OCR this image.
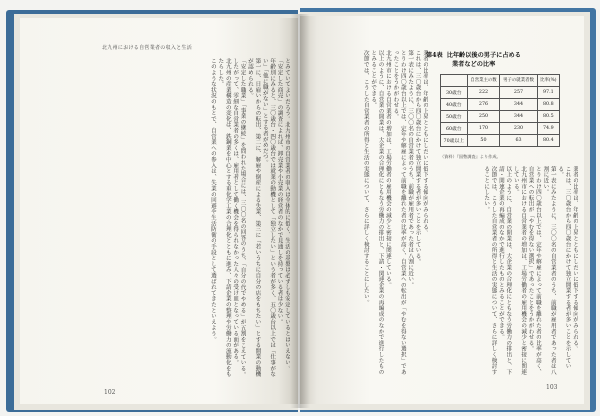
北九州における自営業者の収入と生活
とみていてよいだろう。北九州市の自営業者の収入は全体的に低く、生活の基盤は必ずしも安定しているとはいえない。
「安定した商売」の調査によれば、卸売業や小売業の経営者のなかで見通しを持っている者は少ない。
年齢別にみると、三〇歳台・四〇歳台では就業の動機として「独立したい」という者が多く、五〇歳台以上では「仕事がない」「他に職がない」とする者がめだつ。
第一に、日雇いからの転出、第二に、解雇や倒産による失業、第三に「若いうちに自分の店をもちたい」とする開業の動機が認められる。
「安定した職業」「事業の継続」を問われた場合には、三〇〇名の回答のうち、「自分の代でやめる」が五割をこえている。
したがって、零細な自営業者の多くは、雇用者として働く機会を得られなかった人々の受け皿となっている面がある。
北九州の産業構造の変化は、鉄鋼業を中心とする重化学工業の合理化とともに進み、下請企業の整理や労働力の流動化をもたらした。
このような状況のもとで、自営業への参入は、失業の回避や生活防衛の手段として選ばれてきたといえよう。
102
第4表 比年齢以後の男子に占める
業者などの比率
	自営業主の数	男子の就業者数	比率(%)
30歳台	222	257	97.1
40歳台	276	344	80.8
50歳台	250	344	80.5
60歳台	170	230	74.9
70歳以上	50	63	80.4
（資料）『国勢調査』より作成。
業者の比率は、年齢の上昇とともにしだいに低下する傾向がみられる。
これは、三〇歳台から四〇歳台にかけて独立開業する者が多いことを示している。
第一表にみたように、三〇〇名の自営業者のうち、前職が雇用者であった者は八割に近い。
とりわけ四〇歳台以上では、定年や解雇によって前職を離れた者の比率が高く、自営業への転出が「やむを得ない選択」であったことをうかがわせる。
北九州市における自営業者の増加は、工場労働者の雇用機会の減少と密接に関連している。
以上のように、自営業の開業は、大企業の合理化にともなう労働力の排出と、下請・関連企業の再編成のなかで進行したものとみることができる。
次節では、こうした自営業者の所得と生活の実態について、さらに詳しく検討することにしたい。	業者の比率は、年齢の上昇とともにしだいに低下する傾向がみられる。
これは、三〇歳台から四〇歳台にかけて独立開業する者が多いことを示している。
第一表にみたように、三〇〇名の自営業者のうち、前職が雇用者であった者は八割に近い。
とりわけ四〇歳台以上では、定年や解雇によって前職を離れた者の比率が高く、自営業への転出が「やむを得ない選択」であったことをうかがわせる。
北九州市における自営業者の増加は、工場労働者の雇用機会の減少と密接に関連している。
以上のように、自営業の開業は、大企業の合理化にともなう労働力の排出と、下請・関連企業の再編成のなかで進行したものとみることができる。
次節では、こうした自営業者の所得と生活の実態について、さらに詳しく検討することにしたい。
103
